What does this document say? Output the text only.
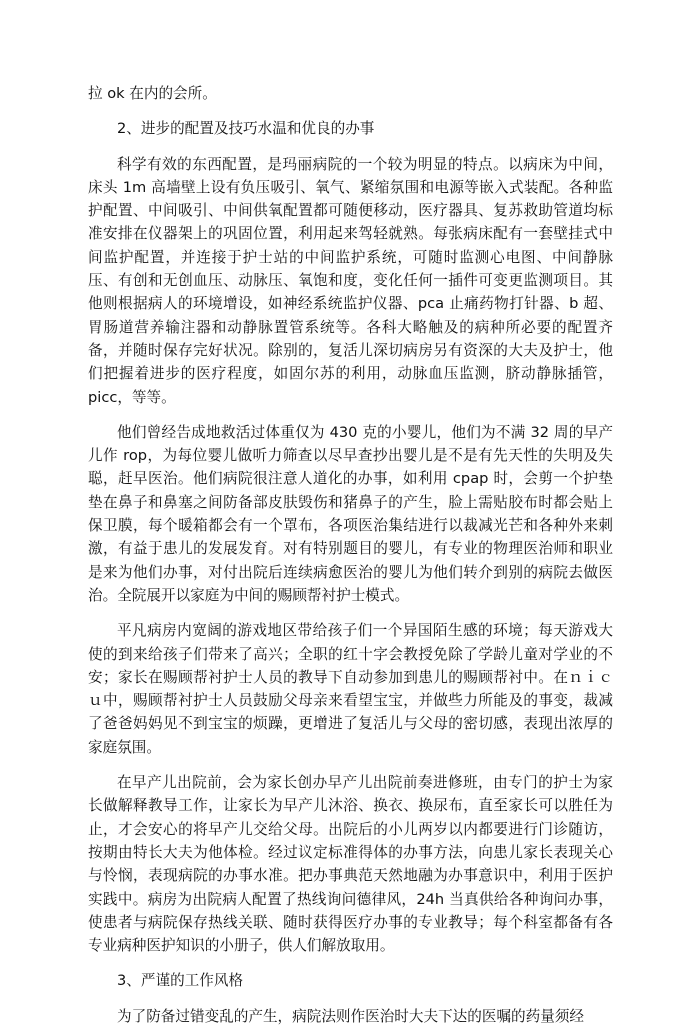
拉 ok 在内的会所。

2、进步的配置及技巧水温和优良的办事

科学有效的东西配置，是玛丽病院的一个较为明显的特点。以病床为中间，床头 1m 高墙壁上设有负压吸引、氧气、紧缩氛围和电源等嵌入式装配。各种监护配置、中间吸引、中间供氧配置都可随便移动，医疗器具、复苏救助管道均标准安排在仪器架上的巩固位置，利用起来驾轻就熟。每张病床配有一套壁挂式中间监护配置，并连接于护士站的中间监护系统，可随时监测心电图、中间静脉压、有创和无创血压、动脉压、氧饱和度，变化任何一插件可变更监测项目。其他则根据病人的环境增设，如神经系统监护仪器、pca 止痛药物打针器、b 超、胃肠道营养输注器和动静脉置管系统等。各科大略触及的病种所必要的配置齐备，并随时保存完好状况。除别的，复活儿深切病房另有资深的大夫及护士，他们把握着进步的医疗程度，如固尔苏的利用，动脉血压监测，脐动静脉插管，picc，等等。

他们曾经告成地救活过体重仅为 430 克的小婴儿，他们为不满 32 周的早产儿作 rop，为每位婴儿做听力筛查以尽早查抄出婴儿是不是有先天性的失明及失聪，赶早医治。他们病院很注意人道化的办事，如利用 cpap 时，会剪一个护垫垫在鼻子和鼻塞之间防备部皮肤毁伤和猪鼻子的产生，脸上需贴胶布时都会贴上保卫膜，每个暖箱都会有一个罩布，各项医治集结进行以裁减光芒和各种外来刺激，有益于患儿的发展发育。对有特别题目的婴儿，有专业的物理医治师和职业是来为他们办事，对付出院后连续病愈医治的婴儿为他们转介到别的病院去做医治。全院展开以家庭为中间的赐顾帮衬护士模式。

平凡病房内宽阔的游戏地区带给孩子们一个异国陌生感的环境；每天游戏大使的到来给孩子们带来了高兴；全职的红十字会教授免除了学龄儿童对学业的不安；家长在赐顾帮衬护士人员的教导下自动参加到患儿的赐顾帮衬中。在ｎｉｃｕ中，赐顾帮衬护士人员鼓励父母亲来看望宝宝，并做些力所能及的事变，裁减了爸爸妈妈见不到宝宝的烦躁，更增进了复活儿与父母的密切感，表现出浓厚的家庭氛围。

在早产儿出院前，会为家长创办早产儿出院前奏进修班，由专门的护士为家长做解释教导工作，让家长为早产儿沐浴、换衣、换尿布，直至家长可以胜任为止，才会安心的将早产儿交给父母。出院后的小儿两岁以内都要进行门诊随访，按期由特长大夫为他体检。经过议定标准得体的办事方法，向患儿家长表现关心与怜悯，表现病院的办事水准。把办事典范天然地融为办事意识中，利用于医护实践中。病房为出院病人配置了热线询问德律风，24h 当真供给各种询问办事，使患者与病院保存热线关联、随时获得医疗办事的专业教导；每个科室都备有各专业病种医护知识的小册子，供人们解放取用。

3、严谨的工作风格

为了防备过错变乱的产生，病院法则作医治时大夫下达的医嘱的药量须经
